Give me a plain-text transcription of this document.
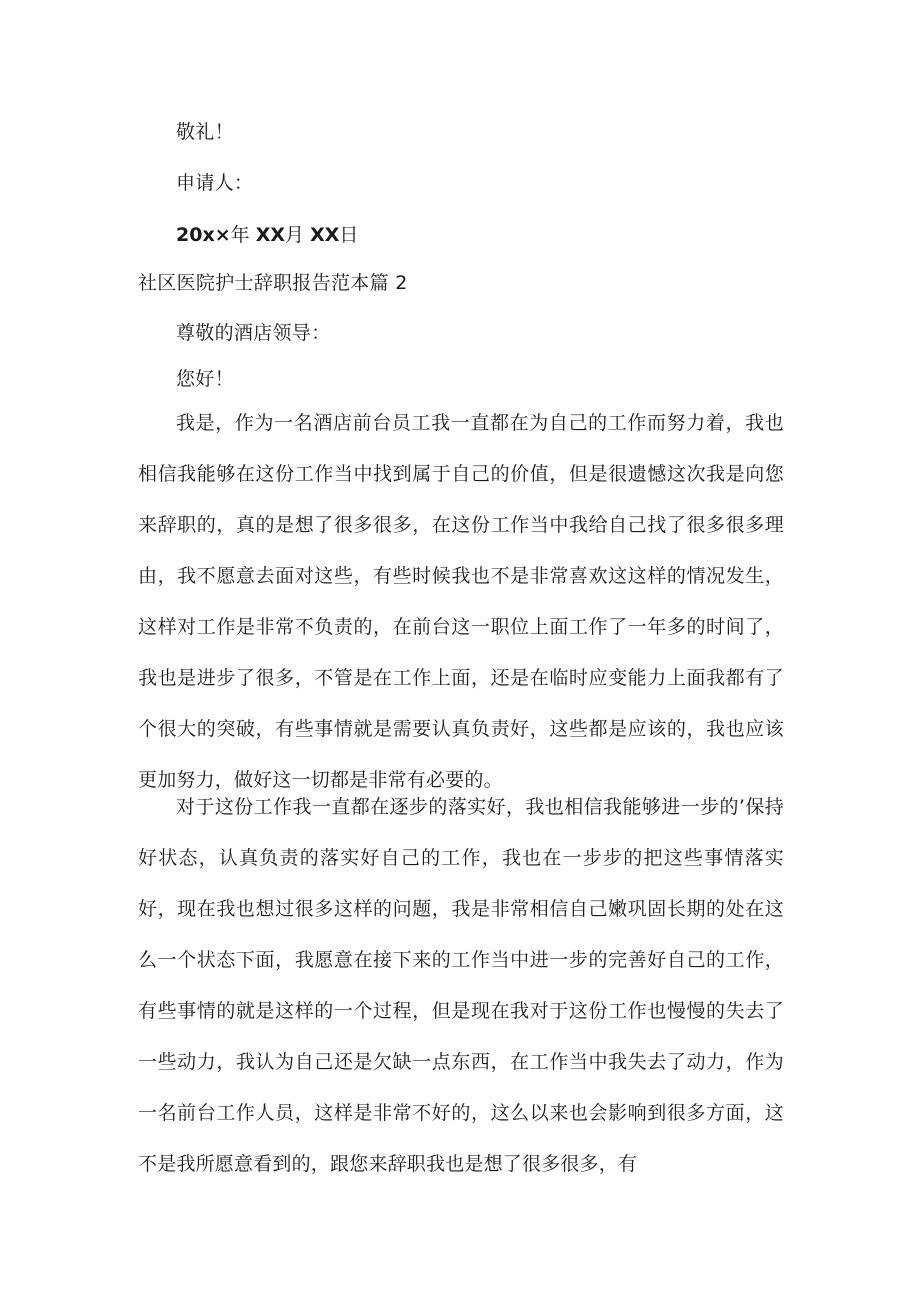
敬礼！
申请人：
20x×年 XX月 XX日
社区医院护士辞职报告范本篇 2
尊敬的酒店领导：
您好！

我是，作为一名酒店前台员工我一直都在为自己的工作而努力着，我也相信我能够在这份工作当中找到属于自己的价值，但是很遗憾这次我是向您来辞职的，真的是想了很多很多，在这份工作当中我给自己找了很多很多理由，我不愿意去面对这些，有些时候我也不是非常喜欢这这样的情况发生，这样对工作是非常不负责的，在前台这一职位上面工作了一年多的时间了，我也是进步了很多，不管是在工作上面，还是在临时应变能力上面我都有了个很大的突破，有些事情就是需要认真负责好，这些都是应该的，我也应该更加努力，做好这一切都是非常有必要的。

对于这份工作我一直都在逐步的落实好，我也相信我能够进一步的’保持好状态，认真负责的落实好自己的工作，我也在一步步的把这些事情落实好，现在我也想过很多这样的问题，我是非常相信自己嫩巩固长期的处在这么一个状态下面，我愿意在接下来的工作当中进一步的完善好自己的工作，有些事情的就是这样的一个过程，但是现在我对于这份工作也慢慢的失去了一些动力，我认为自己还是欠缺一点东西，在工作当中我失去了动力，作为一名前台工作人员，这样是非常不好的，这么以来也会影响到很多方面，这不是我所愿意看到的，跟您来辞职我也是想了很多很多，有
